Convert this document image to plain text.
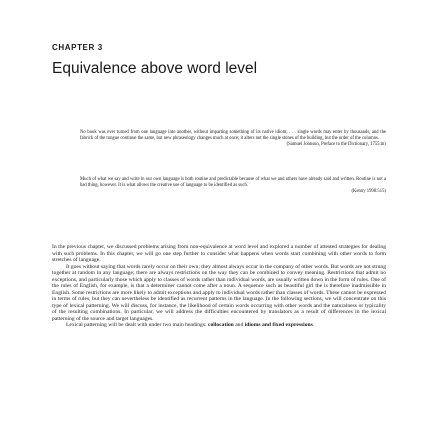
CHAPTER 3
Equivalence above word level

No book was ever turned from one language into another, without imparting something of its native idiom; . . . single words may enter by thousands, and the fabrick of the tongue continue the same, but new phraseology changes much at once; it alters not the single stones of the building, but the order of the columns.

(Samuel Johnson, Preface to the Dictionary, 1755:m)

Much of what we say and write in our own language is both routine and predictable because of what we and others have already said and written. Routine is not a bad thing, however. It is what allows the creative use of language to be identified as such.

(Kenny 1998:515)

In the previous chapter, we discussed problems arising from non-equivalence at word level and explored a number of attested strategies for dealing with such problems. In this chapter, we will go one step further to consider what happens when words start combining with other words to form stretches of language.

It goes without saying that words rarely occur on their own; they almost always occur in the company of other words. But words are not strung together at random in any language; there are always restrictions on the way they can be combined to convey meaning. Restrictions that admit no exceptions, and particularly those which apply to classes of words rather than individual words, are usually written down in the form of rules. One of the rules of English, for example, is that a determiner cannot come after a noun. A sequence such as beautiful girl the is therefore inadmissible in English. Some restrictions are more likely to admit exceptions and apply to individual words rather than classes of words. These cannot be expressed in terms of rules, but they can nevertheless be identified as recurrent patterns in the language. In the following sections, we will concentrate on this type of lexical patterning. We will discuss, for instance, the likelihood of certain words occurring with other words and the naturalness or typicality of the resulting combinations. In particular, we will address the difficulties encountered by translators as a result of differences in the lexical patterning of the source and target languages.

Lexical patterning will be dealt with under two main headings: collocation and idioms and fixed expressions.
